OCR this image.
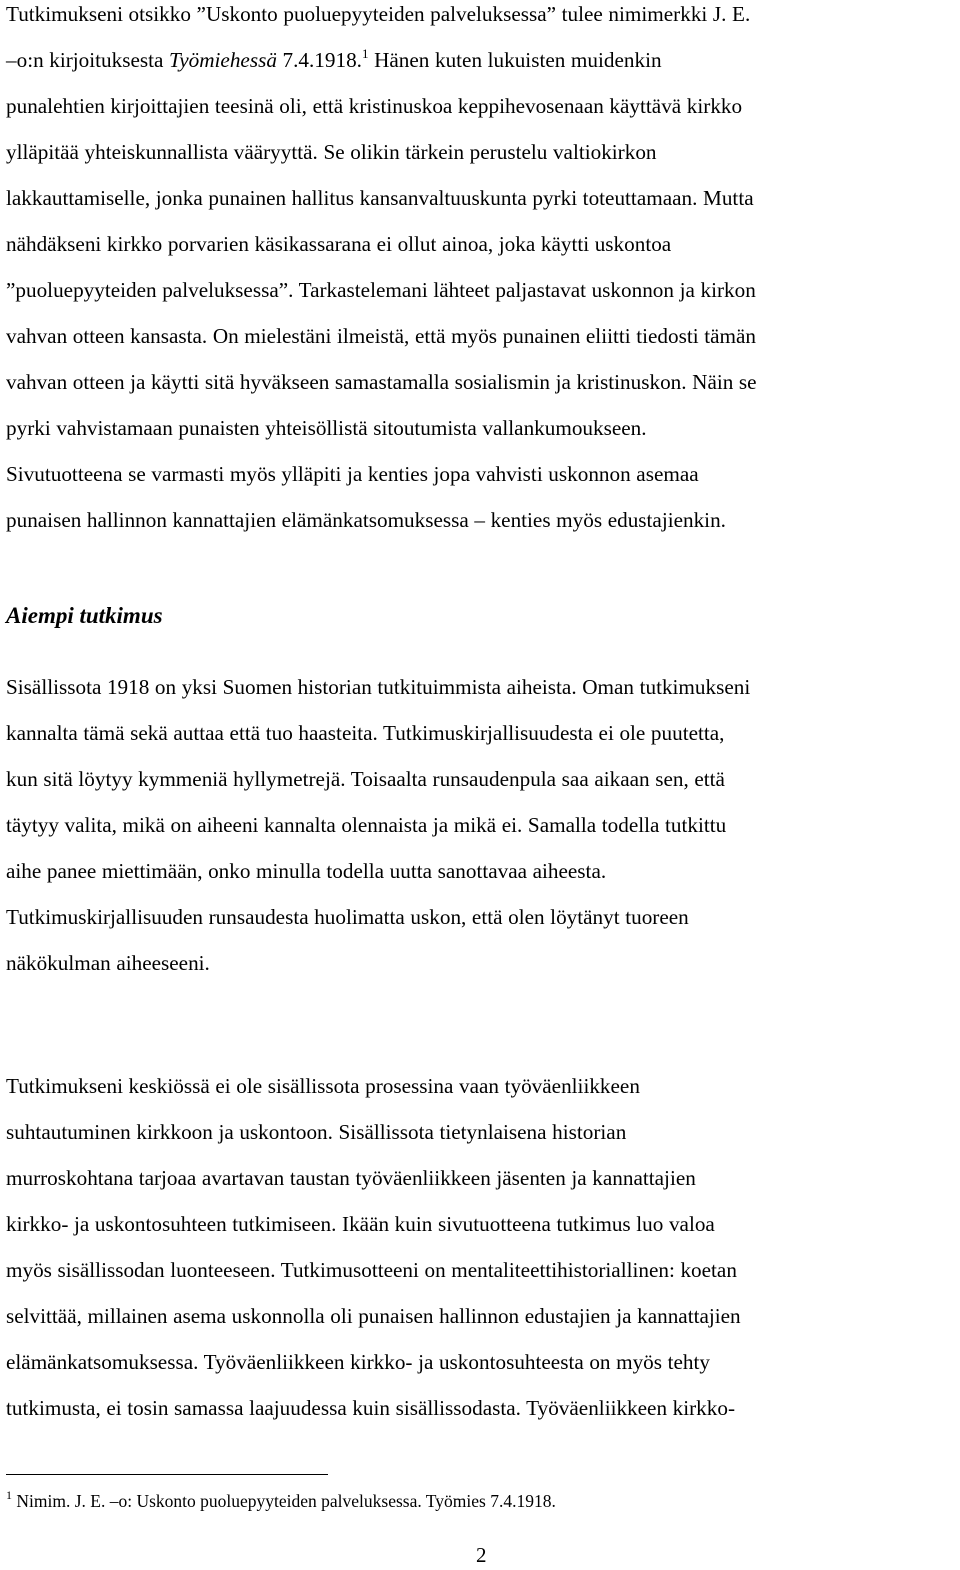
Tutkimukseni otsikko ”Uskonto puoluepyyteiden palveluksessa” tulee nimimerkki J. E.
–o:n kirjoituksesta Työmiehessä 7.4.1918.$^1$ Hänen kuten lukuisten muidenkin
punalehtien kirjoittajien teesinä oli, että kristinuskoa keppihevosenaan käyttävä kirkko
ylläpitää yhteiskunnallista vääryyttä. Se olikin tärkein perustelu valtiokirkon
lakkauttamiselle, jonka punainen hallitus kansanvaltuuskunta pyrki toteuttamaan. Mutta
nähdäkseni kirkko porvarien käsikassarana ei ollut ainoa, joka käytti uskontoa
”puoluepyyteiden palveluksessa”. Tarkastelemani lähteet paljastavat uskonnon ja kirkon
vahvan otteen kansasta. On mielestäni ilmeistä, että myös punainen eliitti tiedosti tämän
vahvan otteen ja käytti sitä hyväkseen samastamalla sosialismin ja kristinuskon. Näin se
pyrki vahvistamaan punaisten yhteisöllistä sitoutumista vallankumoukseen.
Sivutuotteena se varmasti myös ylläpiti ja kenties jopa vahvisti uskonnon asemaa
punaisen hallinnon kannattajien elämänkatsomuksessa – kenties myös edustajienkin.

Aiempi tutkimus

Sisällissota 1918 on yksi Suomen historian tutkituimmista aiheista. Oman tutkimukseni
kannalta tämä sekä auttaa että tuo haasteita. Tutkimuskirjallisuudesta ei ole puutetta,
kun sitä löytyy kymmeniä hyllymetrejä. Toisaalta runsaudenpula saa aikaan sen, että
täytyy valita, mikä on aiheeni kannalta olennaista ja mikä ei. Samalla todella tutkittu
aihe panee miettimään, onko minulla todella uutta sanottavaa aiheesta.
Tutkimuskirjallisuuden runsaudesta huolimatta uskon, että olen löytänyt tuoreen
näkökulman aiheeseeni.

Tutkimukseni keskiössä ei ole sisällissota prosessina vaan työväenliikkeen
suhtautuminen kirkkoon ja uskontoon. Sisällissota tietynlaisena historian
murroskohtana tarjoaa avartavan taustan työväenliikkeen jäsenten ja kannattajien
kirkko- ja uskontosuhteen tutkimiseen. Ikään kuin sivutuotteena tutkimus luo valoa
myös sisällissodan luonteeseen. Tutkimusotteeni on mentaliteettihistoriallinen: koetan
selvittää, millainen asema uskonnolla oli punaisen hallinnon edustajien ja kannattajien
elämänkatsomuksessa. Työväenliikkeen kirkko- ja uskontosuhteesta on myös tehty
tutkimusta, ei tosin samassa laajuudessa kuin sisällissodasta. Työväenliikkeen kirkko-

$^1$ Nimim. J. E. –o: Uskonto puoluepyyteiden palveluksessa. Työmies 7.4.1918.
2
